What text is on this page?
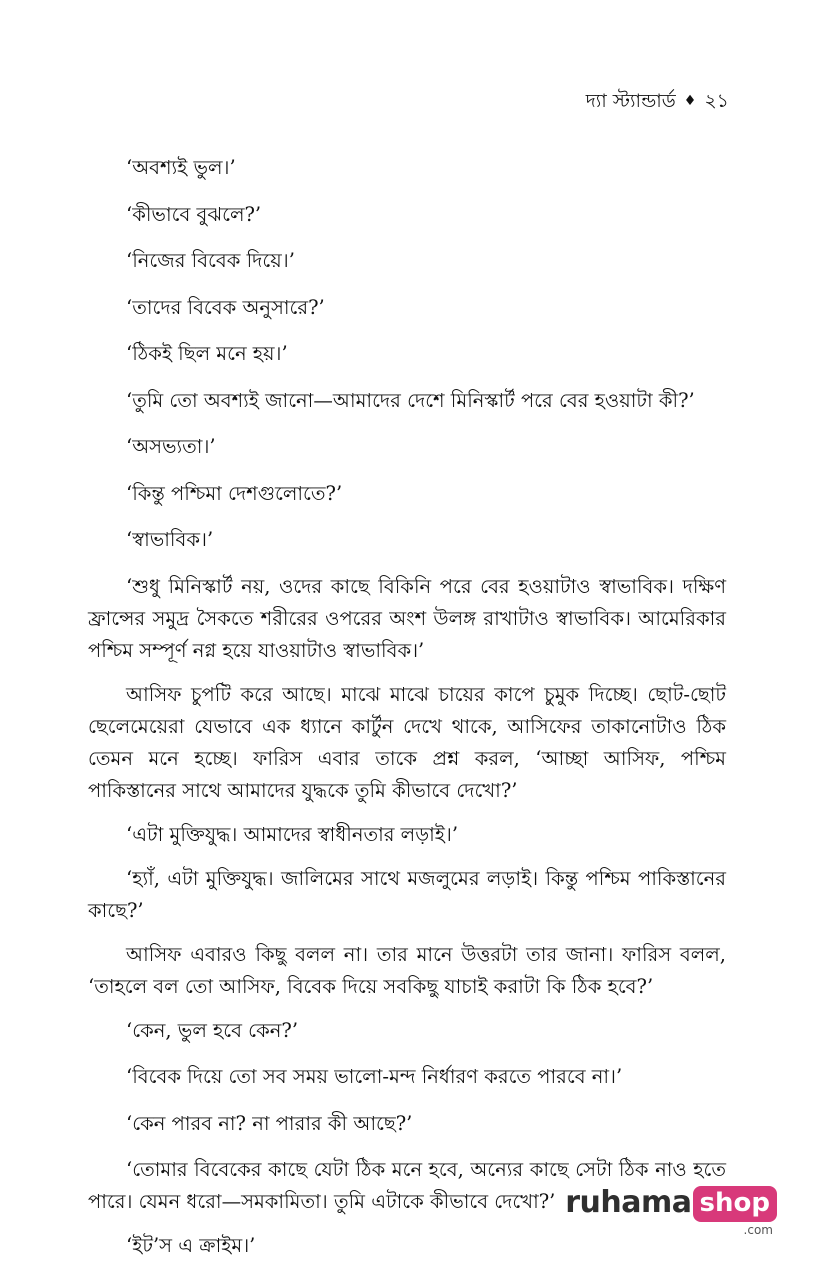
দ্যা স্ট্যান্ডার্ড ♦ ২১

‘অবশ্যই ভুল।’

‘কীভাবে বুঝলে?’

‘নিজের বিবেক দিয়ে।’

‘তাদের বিবেক অনুসারে?’

‘ঠিকই ছিল মনে হয়।’

‘তুমি তো অবশ্যই জানো—আমাদের দেশে মিনিস্কার্ট পরে বের হওয়াটা কী?’

‘অসভ্যতা।’

‘কিন্তু পশ্চিমা দেশগুলোতে?’

‘স্বাভাবিক।’

‘শুধু মিনিস্কার্ট নয়, ওদের কাছে বিকিনি পরে বের হওয়াটাও স্বাভাবিক। দক্ষিণ ফ্রান্সের সমুদ্র সৈকতে শরীরের ওপরের অংশ উলঙ্গ রাখাটাও স্বাভাবিক। আমেরিকার পশ্চিম সম্পূর্ণ নগ্ন হয়ে যাওয়াটাও স্বাভাবিক।’

আসিফ চুপটি করে আছে। মাঝে মাঝে চায়ের কাপে চুমুক দিচ্ছে। ছোট-ছোট ছেলেমেয়েরা যেভাবে এক ধ্যানে কার্টুন দেখে থাকে, আসিফের তাকানোটাও ঠিক তেমন মনে হচ্ছে। ফারিস এবার তাকে প্রশ্ন করল, ‘আচ্ছা আসিফ, পশ্চিম পাকিস্তানের সাথে আমাদের যুদ্ধকে তুমি কীভাবে দেখো?’

‘এটা মুক্তিযুদ্ধ। আমাদের স্বাধীনতার লড়াই।’

‘হ্যাঁ, এটা মুক্তিযুদ্ধ। জালিমের সাথে মজলুমের লড়াই। কিন্তু পশ্চিম পাকিস্তানের কাছে?’

আসিফ এবারও কিছু বলল না। তার মানে উত্তরটা তার জানা। ফারিস বলল, ‘তাহলে বল তো আসিফ, বিবেক দিয়ে সবকিছু যাচাই করাটা কি ঠিক হবে?’

‘কেন, ভুল হবে কেন?’

‘বিবেক দিয়ে তো সব সময় ভালো-মন্দ নির্ধারণ করতে পারবে না।’

‘কেন পারব না? না পারার কী আছে?’

‘তোমার বিবেকের কাছে যেটা ঠিক মনে হবে, অন্যের কাছে সেটা ঠিক নাও হতে পারে। যেমন ধরো—সমকামিতা। তুমি এটাকে কীভাবে দেখো?’

‘ইট’স এ ক্রাইম।’

ruhama shop
.com
